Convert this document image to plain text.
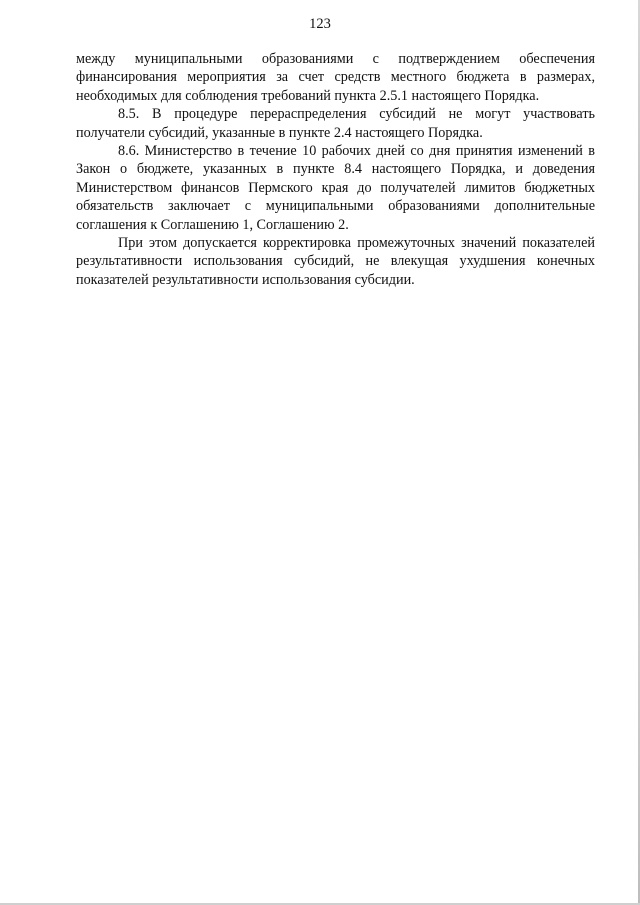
123

между муниципальными образованиями с подтверждением обеспечения финансирования мероприятия за счет средств местного бюджета в размерах, необходимых для соблюдения требований пункта 2.5.1 настоящего Порядка.

8.5. В процедуре перераспределения субсидий не могут участвовать получатели субсидий, указанные в пункте 2.4 настоящего Порядка.

8.6. Министерство в течение 10 рабочих дней со дня принятия изменений в Закон о бюджете, указанных в пункте 8.4 настоящего Порядка, и доведения Министерством финансов Пермского края до получателей лимитов бюджетных обязательств заключает с муниципальными образованиями дополнительные соглашения к Соглашению 1, Соглашению 2.

При этом допускается корректировка промежуточных значений показателей результативности использования субсидий, не влекущая ухудшения конечных показателей результативности использования субсидии.
